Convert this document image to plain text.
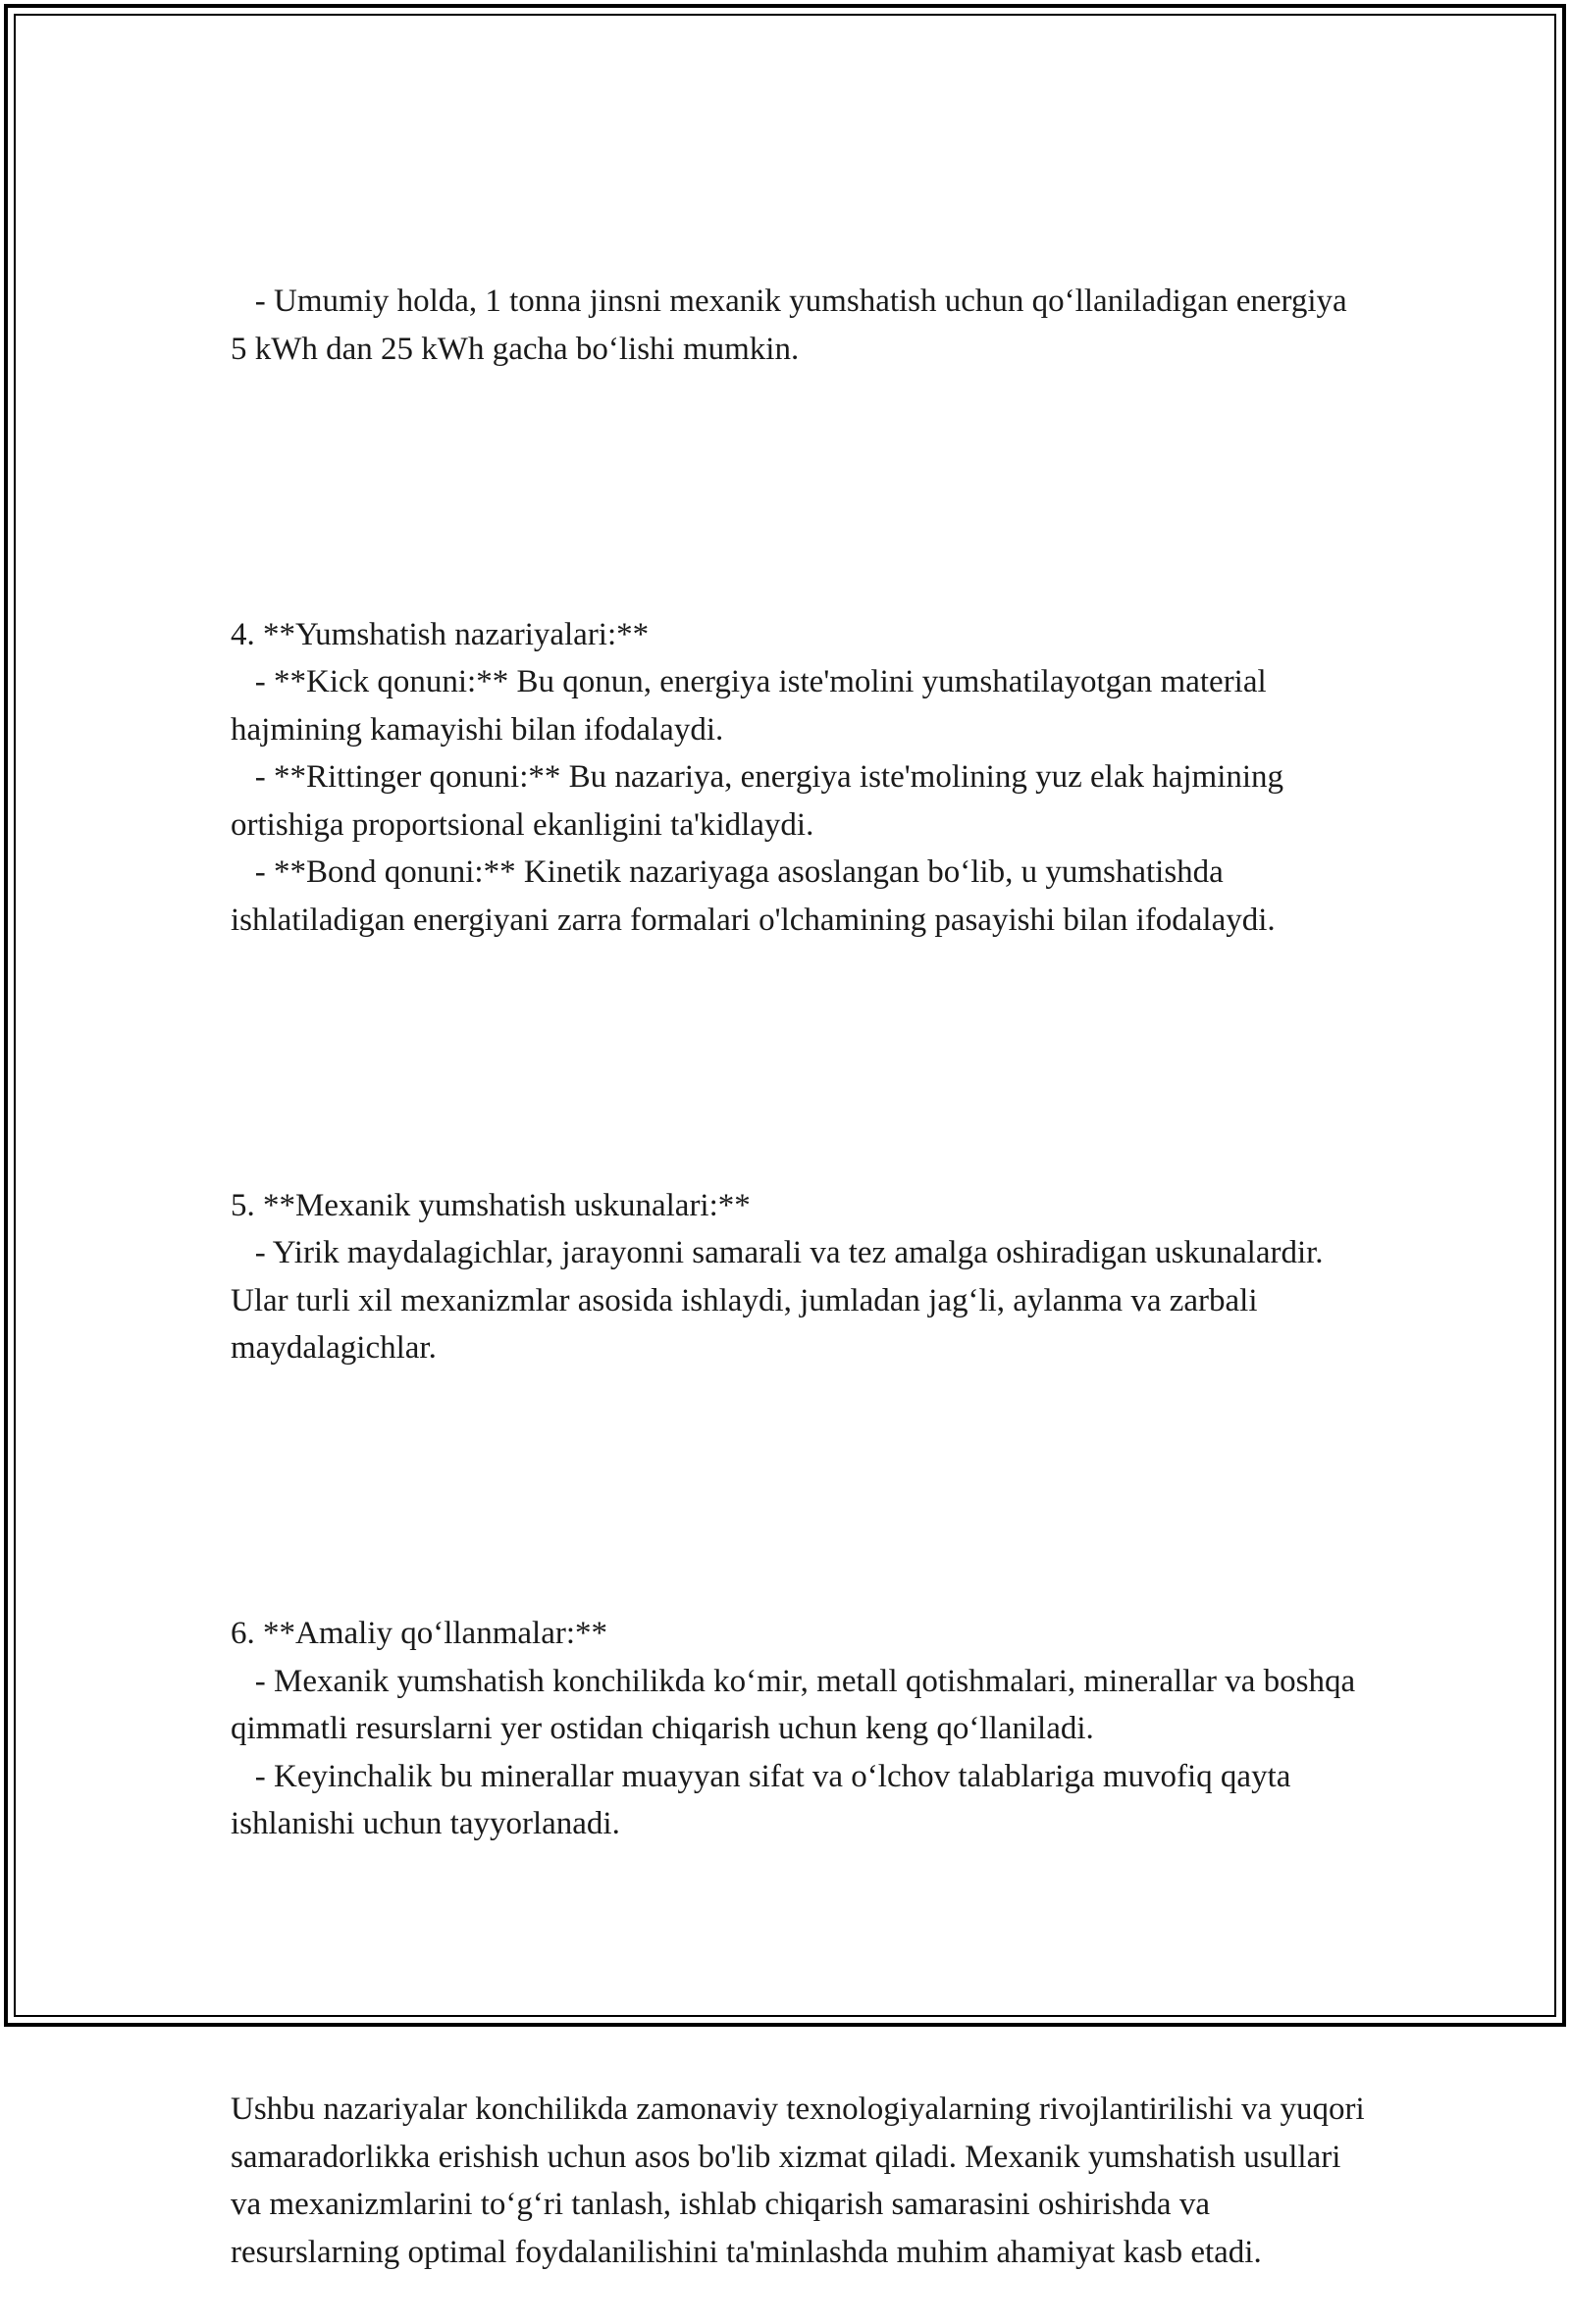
- Umumiy holda, 1 tonna jinsni mexanik yumshatish uchun qo‘llaniladigan energiya 5 kWh dan 25 kWh gacha bo‘lishi mumkin.

4. **Yumshatish nazariyalari:**
- **Kick qonuni:** Bu qonun, energiya iste'molini yumshatilayotgan material hajmining kamayishi bilan ifodalaydi.
- **Rittinger qonuni:** Bu nazariya, energiya iste'molining yuz elak hajmining ortishiga proportsional ekanligini ta'kidlaydi.
- **Bond qonuni:** Kinetik nazariyaga asoslangan bo‘lib, u yumshatishda ishlatiladigan energiyani zarra formalari o'lchamining pasayishi bilan ifodalaydi.

5. **Mexanik yumshatish uskunalari:**
- Yirik maydalagichlar, jarayonni samarali va tez amalga oshiradigan uskunalardir. Ular turli xil mexanizmlar asosida ishlaydi, jumladan jag‘li, aylanma va zarbali maydalagichlar.

6. **Amaliy qo‘llanmalar:**
- Mexanik yumshatish konchilikda ko‘mir, metall qotishmalari, minerallar va boshqa qimmatli resurslarni yer ostidan chiqarish uchun keng qo‘llaniladi.
- Keyinchalik bu minerallar muayyan sifat va o‘lchov talablariga muvofiq qayta ishlanishi uchun tayyorlanadi.

Ushbu nazariyalar konchilikda zamonaviy texnologiyalarning rivojlantirilishi va yuqori samaradorlikka erishish uchun asos bo'lib xizmat qiladi. Mexanik yumshatish usullari va mexanizmlarini to‘g‘ri tanlash, ishlab chiqarish samarasini oshirishda va resurslarning optimal foydalanilishini ta'minlashda muhim ahamiyat kasb etadi.
